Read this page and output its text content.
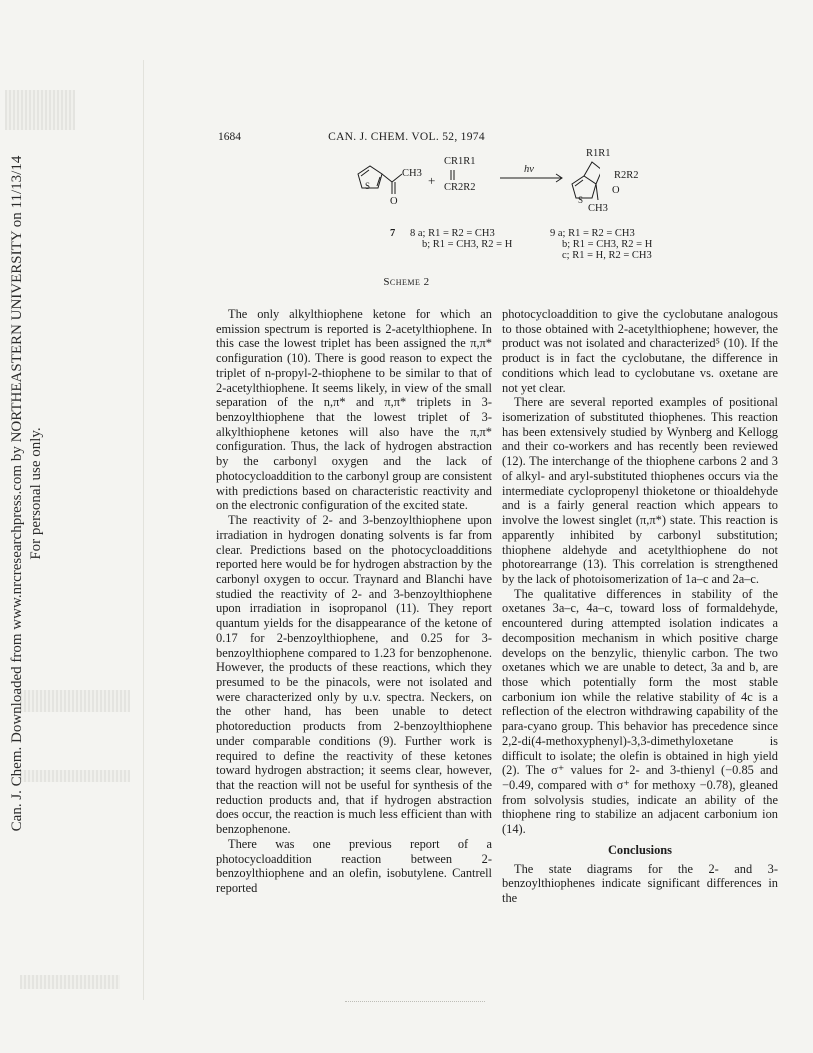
Can. J. Chem. Downloaded from www.nrcresearchpress.com by NORTHEASTERN UNIVERSITY on 11/13/14 For personal use only.
1684	CAN. J. CHEM. VOL. 52, 1974
CH3
O
S	+
CR1R1
CR2R2
hv
R1R1
7 8 a; R1 = R2 = CH3
b; R1 = CH3, R2 = H
9 a; R1 = R2 = CH3
b; R1 = CH3, R2 = H
c; R1 = H, R2 = CH3
R2R2
O
S
CH3
Scheme 2

The only alkylthiophene ketone for which an emission spectrum is reported is 2-acetylthiophene. In this case the lowest triplet has been assigned the π,π* configuration (10). There is good reason to expect the triplet of n-propyl-2-thiophene to be similar to that of 2-acetylthiophene. It seems likely, in view of the small separation of the n,π* and π,π* triplets in 3-benzoylthiophene that the lowest triplet of 3-alkylthiophene ketones will also have the π,π* configuration. Thus, the lack of hydrogen abstraction by the carbonyl oxygen and the lack of photocycloaddition to the carbonyl group are consistent with predictions based on characteristic reactivity and on the electronic configuration of the excited state.

The reactivity of 2- and 3-benzoylthiophene upon irradiation in hydrogen donating solvents is far from clear. Predictions based on the photocycloadditions reported here would be for hydrogen abstraction by the carbonyl oxygen to occur. Traynard and Blanchi have studied the reactivity of 2- and 3-benzoylthiophene upon irradiation in isopropanol (11). They report quantum yields for the disappearance of the ketone of 0.17 for 2-benzoylthiophene, and 0.25 for 3-benzoylthiophene compared to 1.23 for benzophenone. However, the products of these reactions, which they presumed to be the pinacols, were not isolated and were characterized only by u.v. spectra. Neckers, on the other hand, has been unable to detect photoreduction products from 2-benzoylthiophene under comparable conditions (9). Further work is required to define the reactivity of these ketones toward hydrogen abstraction; it seems clear, however, that the reaction will not be useful for synthesis of the reduction products and, that if hydrogen abstraction does occur, the reaction is much less efficient than with benzophenone.

There was one previous report of a photocycloaddition reaction between 2-benzoylthiophene and an olefin, isobutylene. Cantrell reported

photocycloaddition to give the cyclobutane analogous to those obtained with 2-acetylthiophene; however, the product was not isolated and characterized⁵ (10). If the product is in fact the cyclobutane, the difference in conditions which lead to cyclobutane vs. oxetane are not yet clear.

There are several reported examples of positional isomerization of substituted thiophenes. This reaction has been extensively studied by Wynberg and Kellogg and their co-workers and has recently been reviewed (12). The interchange of the thiophene carbons 2 and 3 of alkyl- and aryl-substituted thiophenes occurs via the intermediate cyclopropenyl thioketone or thioaldehyde and is a fairly general reaction which appears to involve the lowest singlet (π,π*) state. This reaction is apparently inhibited by carbonyl substitution; thiophene aldehyde and acetylthiophene do not photorearrange (13). This correlation is strengthened by the lack of photoisomerization of 1a–c and 2a–c.

The qualitative differences in stability of the oxetanes 3a–c, 4a–c, toward loss of formaldehyde, encountered during attempted isolation indicates a decomposition mechanism in which positive charge develops on the benzylic, thienylic carbon. The two oxetanes which we are unable to detect, 3a and b, are those which potentially form the most stable carbonium ion while the relative stability of 4c is a reflection of the electron withdrawing capability of the para-cyano group. This behavior has precedence since 2,2-di(4-methoxyphenyl)-3,3-dimethyloxetane is difficult to isolate; the olefin is obtained in high yield (2). The σ⁺ values for 2- and 3-thienyl (−0.85 and −0.49, compared with σ⁺ for methoxy −0.78), gleaned from solvolysis studies, indicate an ability of the thiophene ring to stabilize an adjacent carbonium ion (14).

Conclusions

The state diagrams for the 2- and 3-benzoylthiophenes indicate significant differences in the
